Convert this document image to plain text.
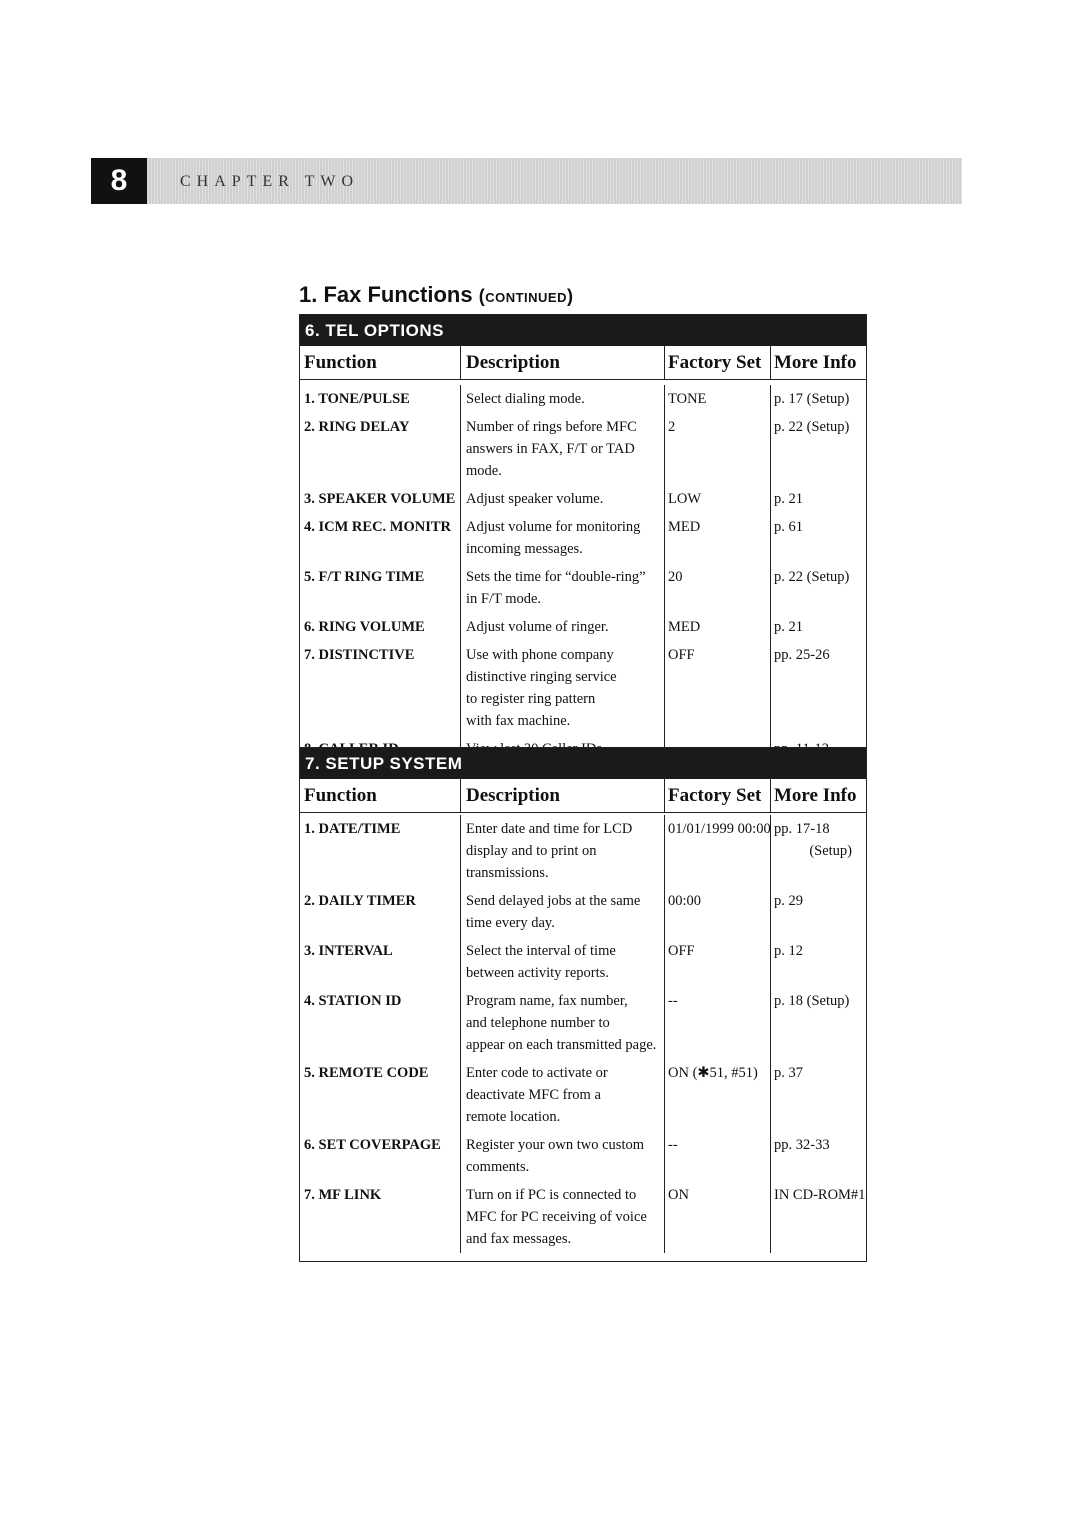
8	CHAPTER TWO
1. Fax Functions (continued)
6. TEL OPTIONS
Function	Description	Factory Set More Info
1. TONE/PULSE	Select dialing mode.	TONE	p. 17 (Setup)
2. RING DELAY	Number of rings before MFC
answers in FAX, F/T or TAD mode.
2	p. 22 (Setup)
3. SPEAKER VOLUME Adjust speaker volume.	LOW	p. 21
4. ICM REC. MONITR	Adjust volume for monitoring
incoming messages.
MED	p. 61
5. F/T RING TIME	Sets the time for “double-ring”
in F/T mode.
20	p. 22 (Setup)
6. RING VOLUME	Adjust volume of ringer.	MED	p. 21
7. DISTINCTIVE	Use with phone company
distinctive ringing service
to register ring pattern
with fax machine.
OFF	pp. 25-26
7. SETUP SYSTEM
Function	Description	Factory Set More Info
1. DATE/TIME	Enter date and time for LCD
display and to print on
transmissions.
01/01/1999 00:00 pp. 17-18
(Setup)
2. DAILY TIMER	Send delayed jobs at the same
time every day.
00:00	p. 29
3. INTERVAL	Select the interval of time
between activity reports.
OFF	p. 12
4. STATION ID	Program name, fax number,
and telephone number to
appear on each transmitted page.
--	p. 18 (Setup)
5. REMOTE CODE	Enter code to activate or
deactivate MFC from a
remote location.
ON (✱51, #51)	p. 37
6. SET COVERPAGE	Register your own two custom
comments.
--	pp. 32-33
7. MF LINK	Turn on if PC is connected to
MFC for PC receiving of voice
and fax messages.
ON	IN CD-ROM#1
